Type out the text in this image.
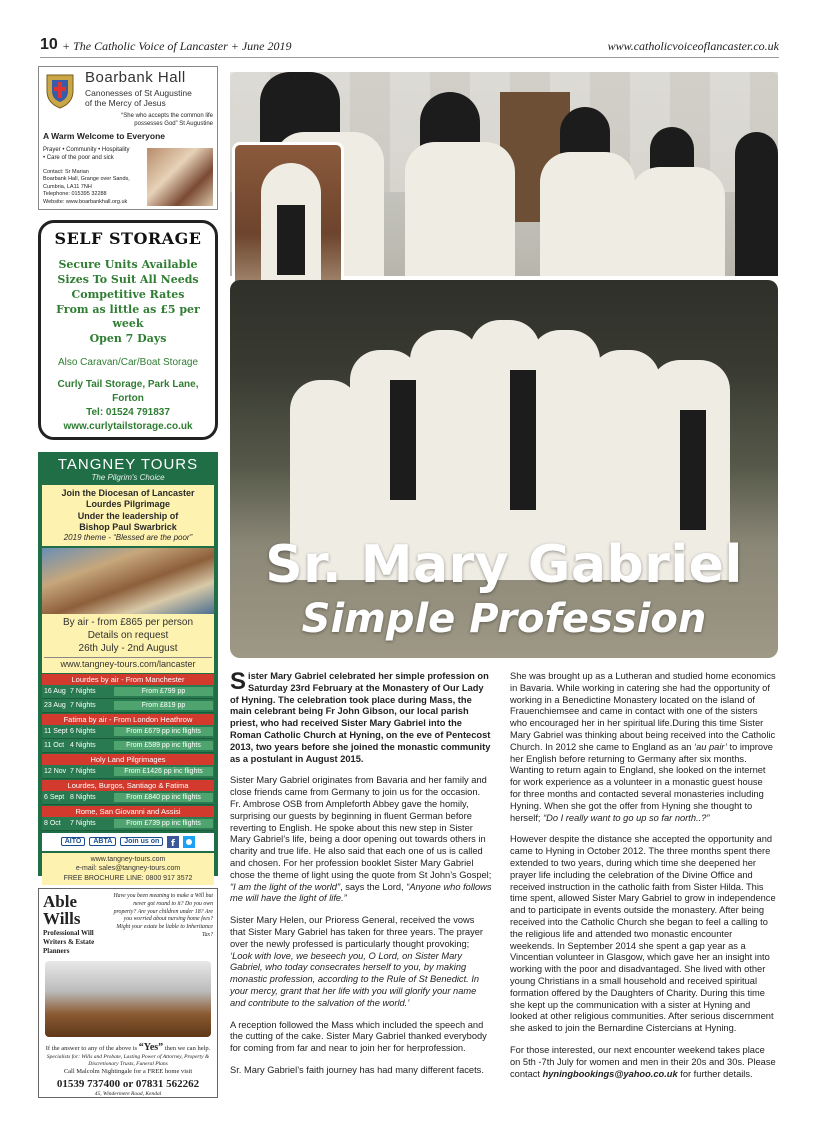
10 + The Catholic Voice of Lancaster + June 2019	www.catholicvoiceoflancaster.co.uk
Boarbank Hall
Canonesses of St Augustine
of the Mercy of Jesus
“She who accepts the common life possesses God” St Augustine
A Warm Welcome to Everyone
Prayer • Community • Hospitality
• Care of the poor and sick
Contact: Sr Marian
Boarbank Hall, Grange over Sands,
Cumbria, LA11 7NH
Telephone: 015395 32288
Website: www.boarbankhall.org.uk
SELF STORAGE
Secure Units Available
Sizes To Suit All Needs
Competitive Rates
From as little as £5 per week
Open 7 Days
Also Caravan/Car/Boat Storage
Curly Tail Storage, Park Lane,
Forton
Tel: 01524 791837
www.curlytailstorage.co.uk
TANGNEY TOURS
The Pilgrim's Choice
Join the Diocesan of Lancaster
Lourdes Pilgrimage
Under the leadership of
Bishop Paul Swarbrick
2019 theme - “Blessed are the poor”
By air - from £865 per person
Details on request
26th July - 2nd August
www.tangney-tours.com/lancaster
Lourdes by air - From Manchester
16 Aug 7 Nights	From £799 pp
23 Aug 7 Nights	From £819 pp
Fatima by air - From London Heathrow
11 Sept 6 Nights	From £679 pp inc flights
11 Oct 4 Nights	From £589 pp inc flights
Holy Land Pilgrimages
12 Nov 7 Nights	From £1426 pp inc flights
Lourdes, Burgos, Santiago & Fatima
6 Sept 8 Nights	From £840 pp inc flights
Rome, San Giovanni and Assisi
8 Oct	7 Nights	From £739 pp inc flights
AITO	ABTA	Join us on	f
www.tangney-tours.com
e-mail: sales@tangney-tours.com
FREE BROCHURE LINE: 0800 917 3572
Able
Wills
Professional Will Writers & Estate Planners
Have you been meaning to make a Will but never got round to it? Do you own property? Are your children under 18? Are you worried about nursing home fees? Might your estate be liable to Inheritance Tax?
If the answer to any of the above is “Yes” then we can help.
Specialists for: Wills and Probate, Lasting Power of Attorney, Property & Discretionary Trusts, Funeral Plans
Call Malcolm Nightingale for a FREE home visit
01539 737400 or 07831 562262
45, Windermere Road, Kendal
Sr. Mary Gabriel
Simple Profession

Sister Mary Gabriel celebrated her simple profession on Saturday 23rd February at the Monastery of Our Lady of Hyning. The celebration took place during Mass, the main celebrant being Fr John Gibson, our local parish priest, who had received Sister Mary Gabriel into the Roman Catholic Church at Hyning, on the eve of Pentecost 2013, two years before she joined the monastic community as a postulant in August 2015.

Sister Mary Gabriel originates from Bavaria and her family and close friends came from Germany to join us for the occasion. Fr. Ambrose OSB from Ampleforth Abbey gave the homily, surprising our guests by beginning in fluent German before reverting to English. He spoke about this new step in Sister Mary Gabriel’s life, being a door opening out towards others in charity and true life. He also said that each one of us is called and chosen. For her profession booklet Sister Mary Gabriel chose the theme of light using the quote from St John’s Gospel; “I am the light of the world”, says the Lord, “Anyone who follows me will have the light of life.”

Sister Mary Helen, our Prioress General, received the vows that Sister Mary Gabriel has taken for three years. The prayer over the newly professed is particularly thought provoking; ‘Look with love, we beseech you, O Lord, on Sister Mary Gabriel, who today consecrates herself to you, by making monastic profession, according to the Rule of St Benedict. In your mercy, grant that her life with you will glorify your name and contribute to the salvation of the world.’

A reception followed the Mass which included the speech and the cutting of the cake. Sister Mary Gabriel thanked everybody for coming from far and near to join her for herprofession.

Sr. Mary Gabriel’s faith journey has had many different facets.

She was brought up as a Lutheran and studied home economics in Bavaria. While working in catering she had the opportunity of working in a Benedictine Monastery located on the island of Frauenchiemsee and came in contact with one of the sisters who encouraged her in her spiritual life.During this time Sister Mary Gabriel was thinking about being received into the Catholic Church. In 2012 she came to England as an ‘au pair’ to improve her English before returning to Germany after six months. Wanting to return again to England, she looked on the internet for work experience as a volunteer in a monastic guest house for three months and contacted several monasteries including Hyning. When she got the offer from Hyning she thought to herself; “Do I really want to go up so far north..?”

However despite the distance she accepted the opportunity and came to Hyning in October 2012. The three months spent there extended to two years, during which time she deepened her prayer life including the celebration of the Divine Office and received instruction in the catholic faith from Sister Hilda. This time spent, allowed Sister Mary Gabriel to grow in independence and to participate in events outside the monastery. After being received into the Catholic Church she began to feel a calling to the religious life and attended two monastic encounter weekends. In September 2014 she spent a gap year as a Vincentian volunteer in Glasgow, which gave her an insight into working with the poor and disadvantaged. She lived with other young Christians in a small household and received spiritual formation offered by the Daughters of Charity. During this time she kept up the communication with a sister at Hyning and looked at other religious communities. After serious discernment she asked to join the Bernardine Cistercians at Hyning.

For those interested, our next encounter weekend takes place on 5th -7th July for women and men in their 20s and 30s. Please contact hyningbookings@yahoo.co.uk for further details.
